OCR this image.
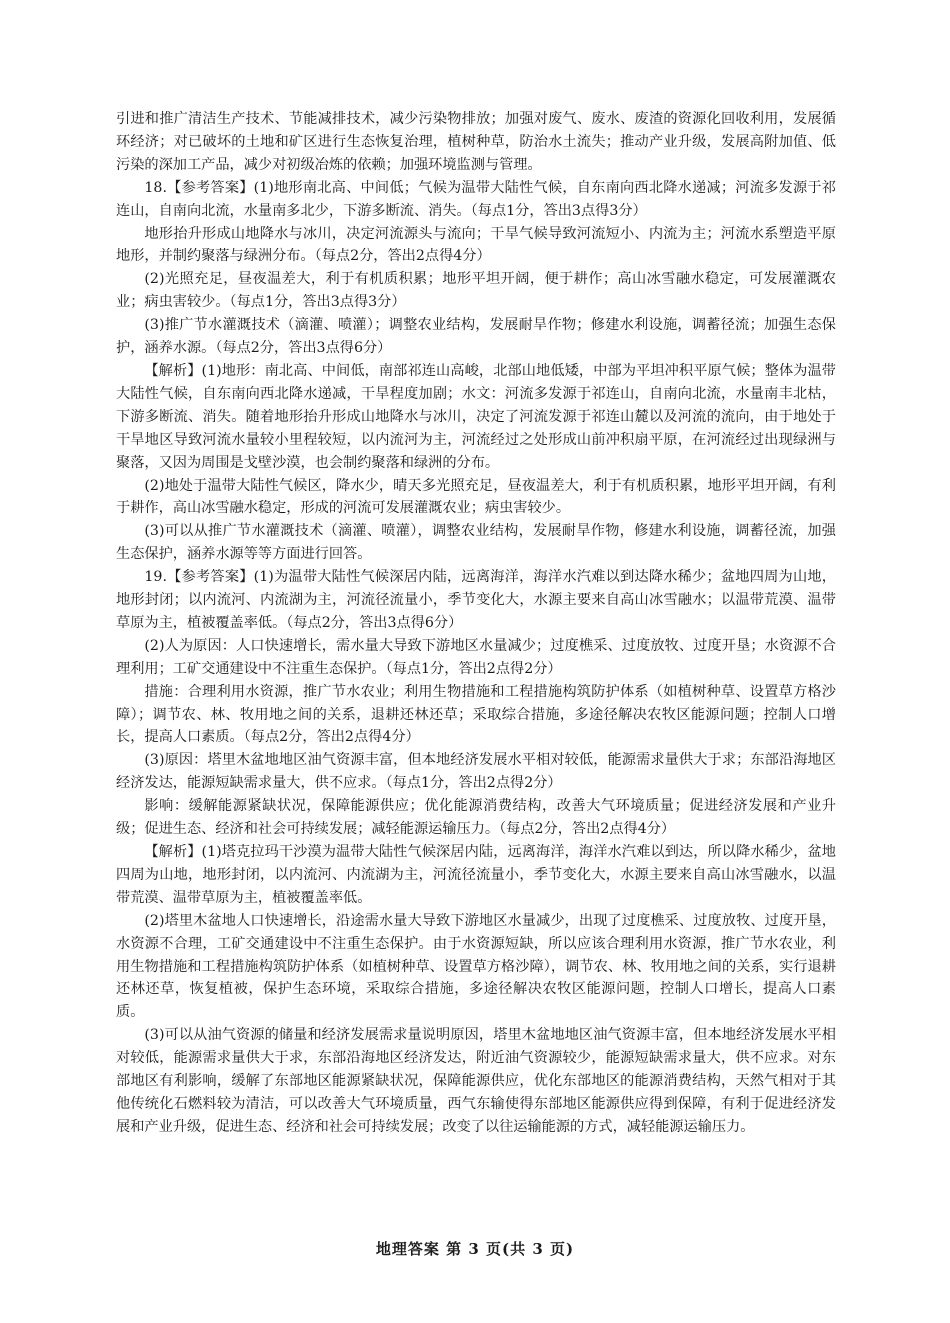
引进和推广清洁生产技术、节能减排技术，减少污染物排放；加强对废气、废水、废渣的资源化回收利用，发展循环经济；对已破坏的土地和矿区进行生态恢复治理，植树种草，防治水土流失；推动产业升级，发展高附加值、低污染的深加工产品，减少对初级冶炼的依赖；加强环境监测与管理。

18.【参考答案】(1)地形南北高、中间低；气候为温带大陆性气候，自东南向西北降水递减；河流多发源于祁连山，自南向北流，水量南多北少，下游多断流、消失。（每点1分，答出3点得3分）

地形抬升形成山地降水与冰川，决定河流源头与流向；干旱气候导致河流短小、内流为主；河流水系塑造平原地形，并制约聚落与绿洲分布。（每点2分，答出2点得4分）

(2)光照充足，昼夜温差大，利于有机质积累；地形平坦开阔，便于耕作；高山冰雪融水稳定，可发展灌溉农业；病虫害较少。（每点1分，答出3点得3分）

(3)推广节水灌溉技术（滴灌、喷灌）；调整农业结构，发展耐旱作物；修建水利设施，调蓄径流；加强生态保护，涵养水源。（每点2分，答出3点得6分）

【解析】(1)地形：南北高、中间低，南部祁连山高峻，北部山地低矮，中部为平坦冲积平原气候；整体为温带大陆性气候，自东南向西北降水递减，干旱程度加剧；水文：河流多发源于祁连山，自南向北流，水量南丰北枯，下游多断流、消失。随着地形抬升形成山地降水与冰川，决定了河流发源于祁连山麓以及河流的流向，由于地处于干旱地区导致河流水量较小里程较短，以内流河为主，河流经过之处形成山前冲积扇平原，在河流经过出现绿洲与聚落，又因为周围是戈壁沙漠，也会制约聚落和绿洲的分布。

(2)地处于温带大陆性气候区，降水少，晴天多光照充足，昼夜温差大，利于有机质积累，地形平坦开阔，有利于耕作，高山冰雪融水稳定，形成的河流可发展灌溉农业；病虫害较少。

(3)可以从推广节水灌溉技术（滴灌、喷灌），调整农业结构，发展耐旱作物，修建水利设施，调蓄径流，加强生态保护，涵养水源等等方面进行回答。

19.【参考答案】(1)为温带大陆性气候深居内陆，远离海洋，海洋水汽难以到达降水稀少；盆地四周为山地，地形封闭；以内流河、内流湖为主，河流径流量小，季节变化大，水源主要来自高山冰雪融水；以温带荒漠、温带草原为主，植被覆盖率低。（每点2分，答出3点得6分）

(2)人为原因：人口快速增长，需水量大导致下游地区水量减少；过度樵采、过度放牧、过度开垦；水资源不合理利用；工矿交通建设中不注重生态保护。（每点1分，答出2点得2分）

措施：合理利用水资源，推广节水农业；利用生物措施和工程措施构筑防护体系（如植树种草、设置草方格沙障）；调节农、林、牧用地之间的关系，退耕还林还草；采取综合措施，多途径解决农牧区能源问题；控制人口增长，提高人口素质。（每点2分，答出2点得4分）

(3)原因：塔里木盆地地区油气资源丰富，但本地经济发展水平相对较低，能源需求量供大于求；东部沿海地区经济发达，能源短缺需求量大，供不应求。（每点1分，答出2点得2分）

影响：缓解能源紧缺状况，保障能源供应；优化能源消费结构，改善大气环境质量；促进经济发展和产业升级；促进生态、经济和社会可持续发展；减轻能源运输压力。（每点2分，答出2点得4分）

【解析】(1)塔克拉玛干沙漠为温带大陆性气候深居内陆，远离海洋，海洋水汽难以到达，所以降水稀少，盆地四周为山地，地形封闭，以内流河、内流湖为主，河流径流量小，季节变化大，水源主要来自高山冰雪融水，以温带荒漠、温带草原为主，植被覆盖率低。

(2)塔里木盆地人口快速增长，沿途需水量大导致下游地区水量减少，出现了过度樵采、过度放牧、过度开垦，水资源不合理，工矿交通建设中不注重生态保护。由于水资源短缺，所以应该合理利用水资源，推广节水农业，利用生物措施和工程措施构筑防护体系（如植树种草、设置草方格沙障），调节农、林、牧用地之间的关系，实行退耕还林还草，恢复植被，保护生态环境，采取综合措施，多途径解决农牧区能源问题，控制人口增长，提高人口素质。

(3)可以从油气资源的储量和经济发展需求量说明原因，塔里木盆地地区油气资源丰富，但本地经济发展水平相对较低，能源需求量供大于求，东部沿海地区经济发达，附近油气资源较少，能源短缺需求量大，供不应求。对东部地区有利影响，缓解了东部地区能源紧缺状况，保障能源供应，优化东部地区的能源消费结构，天然气相对于其他传统化石燃料较为清洁，可以改善大气环境质量，西气东输使得东部地区能源供应得到保障，有利于促进经济发展和产业升级，促进生态、经济和社会可持续发展；改变了以往运输能源的方式，减轻能源运输压力。

地理答案 第 3 页(共 3 页)
